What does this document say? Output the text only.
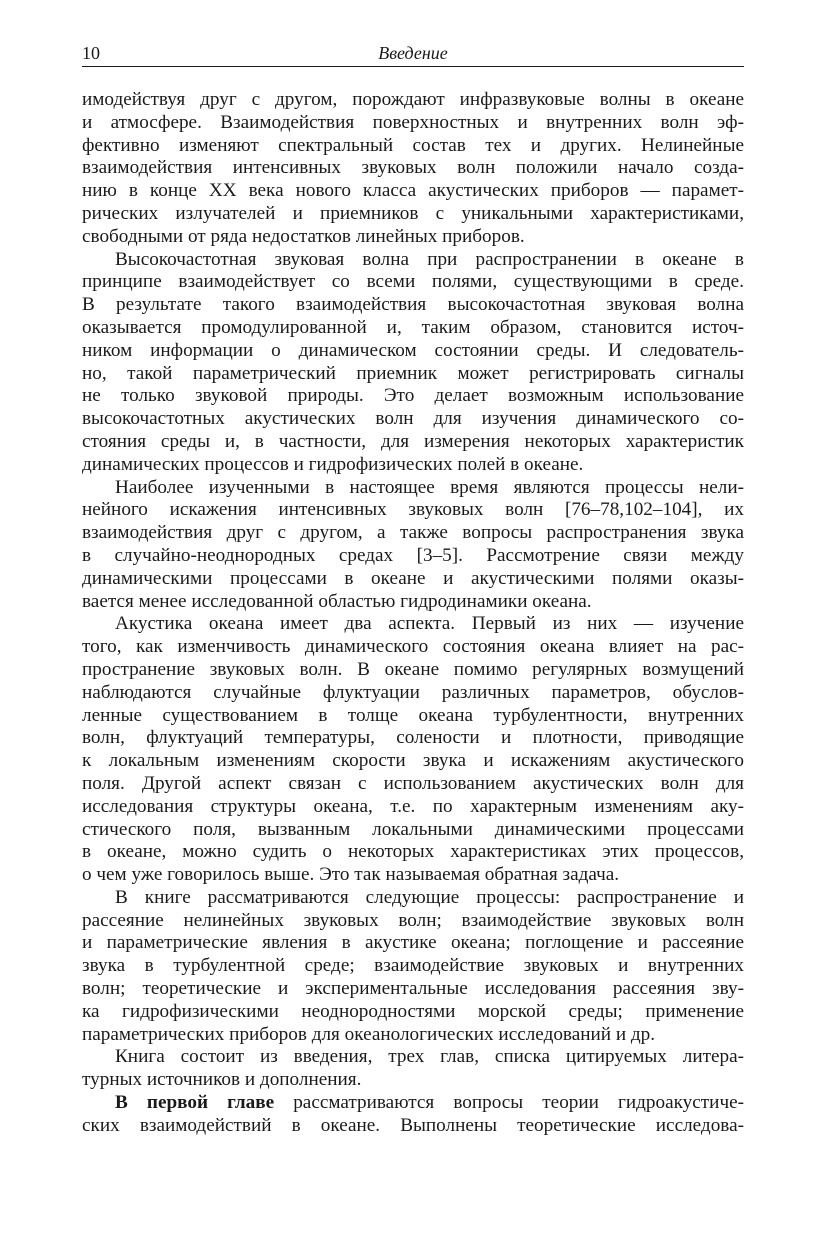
10	Введение

имодействуя друг с другом, порождают инфразвуковые волны в океане
и атмосфере. Взаимодействия поверхностных и внутренних волн эф-
фективно изменяют спектральный состав тех и других. Нелинейные
взаимодействия интенсивных звуковых волн положили начало созда-
нию в конце XX века нового класса акустических приборов — парамет-
рических излучателей и приемников с уникальными характеристиками,
свободными от ряда недостатков линейных приборов.

Высокочастотная звуковая волна при распространении в океане в
принципе взаимодействует со всеми полями, существующими в среде.
В результате такого взаимодействия высокочастотная звуковая волна
оказывается промодулированной и, таким образом, становится источ-
ником информации о динамическом состоянии среды. И следователь-
но, такой параметрический приемник может регистрировать сигналы
не только звуковой природы. Это делает возможным использование
высокочастотных акустических волн для изучения динамического со-
стояния среды и, в частности, для измерения некоторых характеристик
динамических процессов и гидрофизических полей в океане.

Наиболее изученными в настоящее время являются процессы нели-
нейного искажения интенсивных звуковых волн [76–78,102–104], их
взаимодействия друг с другом, а также вопросы распространения звука
в случайно-неоднородных средах [3–5]. Рассмотрение связи между
динамическими процессами в океане и акустическими полями оказы-
вается менее исследованной областью гидродинамики океана.

Акустика океана имеет два аспекта. Первый из них — изучение
того, как изменчивость динамического состояния океана влияет на рас-
пространение звуковых волн. В океане помимо регулярных возмущений
наблюдаются случайные флуктуации различных параметров, обуслов-
ленные существованием в толще океана турбулентности, внутренних
волн, флуктуаций температуры, солености и плотности, приводящие
к локальным изменениям скорости звука и искажениям акустического
поля. Другой аспект связан с использованием акустических волн для
исследования структуры океана, т.е. по характерным изменениям аку-
стического поля, вызванным локальными динамическими процессами
в океане, можно судить о некоторых характеристиках этих процессов,
о чем уже говорилось выше. Это так называемая обратная задача.

В книге рассматриваются следующие процессы: распространение и
рассеяние нелинейных звуковых волн; взаимодействие звуковых волн
и параметрические явления в акустике океана; поглощение и рассеяние
звука в турбулентной среде; взаимодействие звуковых и внутренних
волн; теоретические и экспериментальные исследования рассеяния зву-
ка гидрофизическими неоднородностями морской среды; применение
параметрических приборов для океанологических исследований и др.

Книга состоит из введения, трех глав, списка цитируемых литера-
турных источников и дополнения.

В первой главе рассматриваются вопросы теории гидроакустиче-
ских взаимодействий в океане. Выполнены теоретические исследова-
